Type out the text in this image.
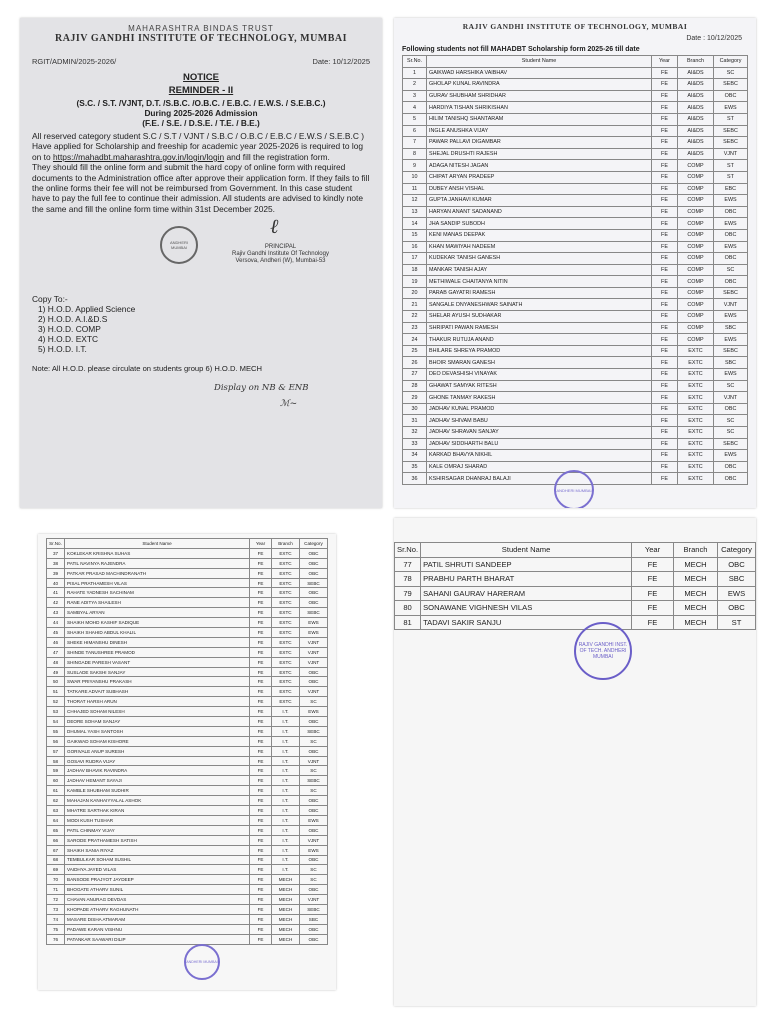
MAHARASHTRA BINDAS TRUST
RAJIV GANDHI INSTITUTE OF TECHNOLOGY, MUMBAI

RGIT/ADMIN/2025-2026/	Date: 10/12/2025
NOTICE
REMINDER - II
(S.C. / S.T. /VJNT, D.T. /S.B.C. /O.B.C. / E.B.C. / E.W.S. / S.E.B.C.)
During 2025-2026 Admission
(F.E. / S.E. / D.S.E. / T.E. / B.E.)

All reserved category student S.C / S.T / VJNT / S.B.C / O.B.C / E.B.C / E.W.S / S.E.B.C ) Have applied for Scholarship and freeship for academic year 2025-2026 is required to log on to https://mahadbt.maharashtra.gov.in/login/login and fill the registration form.

They should fill the online form and submit the hard copy of online form with required documents to the Administration office after approve their application form. If they fails to fill the online forms their fee will not be reimbursed from Government. In this case student have to pay the full fee to continue their admission. All students are advised to kindly note the same and fill the online form time within 31st December 2025.

ANDHERI MUMBAI
ℓ
PRINCIPAL
Rajiv Gandhi Institute Of Technology
Versova, Andheri (W), Mumbai-53
Copy To:-
1) H.O.D. Applied Science
2) H.O.D. A.I.&D.S
3) H.O.D. COMP
4) H.O.D. EXTC
5) H.O.D. I.T.
Note: All H.O.D. please circulate on students group 6) H.O.D. MECH
Display on NB & ENB
ℳ~
RAJIV GANDHI INSTITUTE OF TECHNOLOGY, MUMBAI
Date : 10/12/2025
Following students not fill MAHADBT Scholarship form 2025-26 till date
Sr.No.	Student Name	Year	Branch	Category
1	GAIKWAD HARSHIKA VAIBHAV	FE	AI&DS	SC
2	GHOLAP KUNAL RAVINDRA	FE	AI&DS	SEBC
3	GURAV SHUBHAM SHRIDHAR	FE	AI&DS	OBC
4	HARDIYA TISHAN SHRIKISHAN	FE	AI&DS	EWS
5	HILIM TANISHQ SHANTARAM	FE	AI&DS	ST
6	INGLE ANUSHKA VIJAY	FE	AI&DS	SEBC
7	PAWAR PALLAVI DIGAMBAR	FE	AI&DS	SEBC
8	SHEJAL DRUSHTI RAJESH	FE	AI&DS	VJNT
9	ADAGA NITESH JAGAN	FE	COMP	ST
10	CHIPAT ARYAN PRADEEP	FE	COMP	ST
11	DUBEY ANSH VISHAL	FE	COMP	EBC
12	GUPTA JANHAVI KUMAR	FE	COMP	EWS
13	HARYAN ANANT SADANAND	FE	COMP	OBC
14	JHA SANDIP SUBODH	FE	COMP	EWS
15	KENI MANAS DEEPAK	FE	COMP	OBC
16	KHAN MAWIYAH NADEEM	FE	COMP	EWS
17	KUDEKAR TANISH GANESH	FE	COMP	OBC
18	MANKAR TANISH AJAY	FE	COMP	SC
19	METHIWALE CHAITANYA NITIN	FE	COMP	OBC
20	PARAB GAYATRI RAMESH	FE	COMP	SEBC
21	SANGALE DNYANESHWAR SAINATH	FE	COMP	VJNT
22	SHELAR AYUSH SUDHAKAR	FE	COMP	EWS
23	SHRIPATI PAWAN RAMESH	FE	COMP	SBC
24	THAKUR RUTUJA ANAND	FE	COMP	EWS
25	BHILARE SHREYA PRAMOD	FE	EXTC	SEBC
26	BHOIR SMARAN GANESH	FE	EXTC	SBC
27	DEO DEVASHISH VINAYAK	FE	EXTC	EWS
28	GHAWAT SAMYAK RITESH	FE	EXTC	SC
29	GHONE TANMAY RAKESH	FE	EXTC	VJNT
30	JADHAV KUNAL PRAMOD	FE	EXTC	OBC
31	JADHAV SHIVAM BABU	FE	EXTC	SC
32	JADHAV SHRAVAN SANJAY	FE	EXTC	SC
33	JADHAV SIDDHARTH BALU	FE	EXTC	SEBC
34	KARKAD BHAVYA NIKHIL	FE	EXTC	EWS
35	KALE OMRAJ SHARAD	FE	EXTC	OBC
36	KSHIRSAGAR DHANRAJ BALAJI	FE	EXTC	OBC
ANDHERI MUMBAI
Sr.No.	Student Name	Year	Branch	Category
37	KOKLEKAR KRISHNA SUHAS	FE	EXTC	OBC
38	PATIL NAVINYA RAJENDRA	FE	EXTC	OBC
39	PATKAR PRASAD MACHINDRANATH	FE	EXTC	OBC
40	PISAL PRATHAMESH VILAS	FE	EXTC	SEBC
41	RAHATE YADNESH SACHINAM	FE	EXTC	OBC
42	RANE ADITYA SHAILESH	FE	EXTC	OBC
43	SAMBYAL ARYAN	FE	EXTC	SEBC
44	SHAIKH MOHD KASHIF SADIQUE	FE	EXTC	EWS
45	SHAIKH SHAHID ABDUL KHALIL	FE	EXTC	EWS
46	SHEKE HIMANSHU DINESH	FE	EXTC	VJNT
47	SHINDE TANUSHREE PRAMOD	FE	EXTC	VJNT
48	SHINGADE PARESH VASANT	FE	EXTC	VJNT
49	SUSLADE SAKSHI SANJAY	FE	EXTC	OBC
50	SWAR PRIYANSHU PRAKASH	FE	EXTC	OBC
51	TATKARE ADVAIT SUBHASH	FE	EXTC	VJNT
52	THORAT HARSH ARUN	FE	EXTC	SC
53	CHHAJED SOHAM NILESH	FE	I.T.	EWS
54	DEORE SOHAM SANJAY	FE	I.T.	OBC
55	DHUMAL YASH SANTOSH	FE	I.T.	SEBC
56	GAIKWAD SOHAM KISHORE	FE	I.T.	SC
57	GORIVALE ANUP SURESH	FE	I.T.	OBC
58	GOSAVI RUDRA VIJAY	FE	I.T.	VJNT
59	JADHAV BHAVIK RAVINDRA	FE	I.T.	SC
60	JADHAV HEMANT SAYAJI	FE	I.T.	SEBC
61	KAMBLE SHUBHAM SUDHIR	FE	I.T.	SC
62	MAHAJAN KANHAIYYALAL ASHOK	FE	I.T.	OBC
63	MHATRE SARTHAK KIRAN	FE	I.T.	OBC
64	MODI KUSH TUSHAR	FE	I.T.	EWS
65	PATIL CHINMAY VIJAY	FE	I.T.	OBC
66	SARODE PRATHAMESH SATISH	FE	I.T.	VJNT
67	SHAIKH SANIA RIYAZ	FE	I.T.	EWS
68	TEMBULKAR SOHAM SUSHIL	FE	I.T.	OBC
69	VAIDHYA JAYED VILAS	FE	I.T.	SC
70	BANSODE PRAJYOT JAYDEEP	FE	MECH	SC
71	BHOGATE ATHARV SUNIL	FE	MECH	OBC
72	CHAVAN ANURAG DEVDAS	FE	MECH	VJNT
73	KHOPADE ATHARV RAGHUNATH	FE	MECH	SEBC
74	MASARE DISHA ATMARAM	FE	MECH	SBC
75	PADAWE KARAN VISHNU	FE	MECH	OBC
76	PATANKAR SAAWARI DILIP	FE	MECH	OBC
ANDHERI MUMBAI
Sr.No.	Student Name	Year	Branch	Category
77	PATIL SHRUTI SANDEEP	FE	MECH	OBC
78	PRABHU PARTH BHARAT	FE	MECH	SBC
79	SAHANI GAURAV HARERAM	FE	MECH	EWS
80	SONAWANE VIGHNESH VILAS	FE	MECH	OBC
81	TADAVI SAKIR SANJU	FE	MECH	ST
RAJIV GANDHI INST. OF TECH. ANDHERI MUMBAI
